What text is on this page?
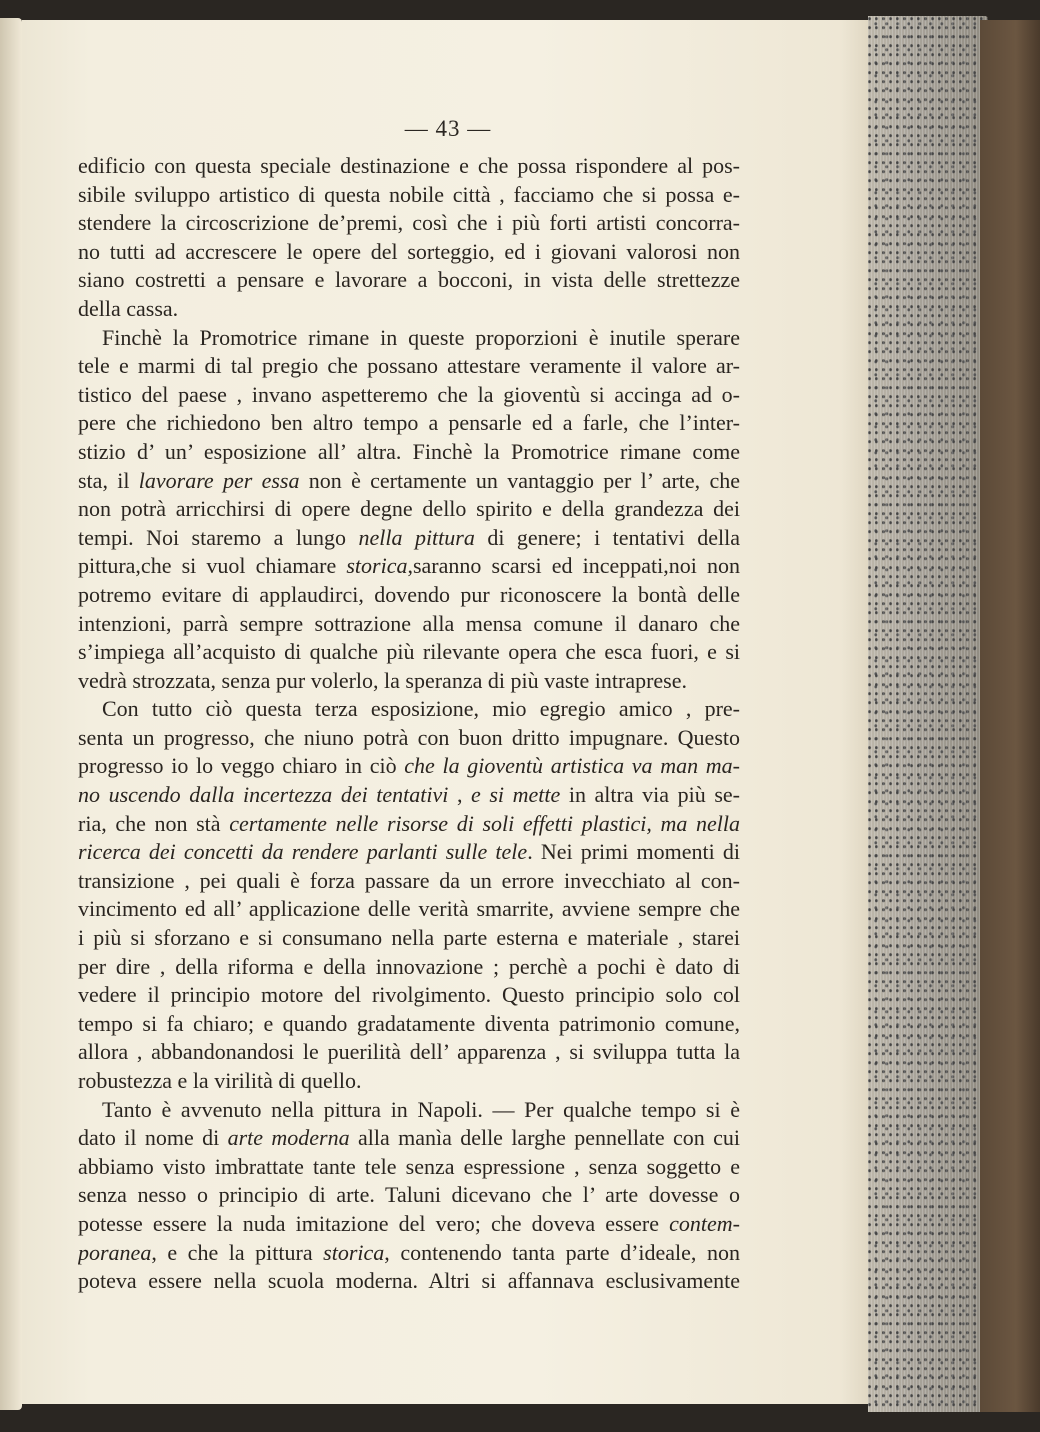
— 43 —
edificio con questa speciale destinazione e che possa rispondere al pos-
sibile sviluppo artistico di questa nobile città , facciamo che si possa e-
stendere la circoscrizione de’premi, così che i più forti artisti concorra-
no tutti ad accrescere le opere del sorteggio, ed i giovani valorosi non
siano costretti a pensare e lavorare a bocconi, in vista delle strettezze
della cassa.
Finchè la Promotrice rimane in queste proporzioni è inutile sperare
tele e marmi di tal pregio che possano attestare veramente il valore ar-
tistico del paese , invano aspetteremo che la gioventù si accinga ad o-
pere che richiedono ben altro tempo a pensarle ed a farle, che l’inter-
stizio d’ un’ esposizione all’ altra. Finchè la Promotrice rimane come
sta, il lavorare per essa non è certamente un vantaggio per l’ arte, che
non potrà arricchirsi di opere degne dello spirito e della grandezza dei
tempi. Noi staremo a lungo nella pittura di genere; i tentativi della
pittura,che si vuol chiamare storica,saranno scarsi ed inceppati,noi non
potremo evitare di applaudirci, dovendo pur riconoscere la bontà delle
intenzioni, parrà sempre sottrazione alla mensa comune il danaro che
s’impiega all’acquisto di qualche più rilevante opera che esca fuori, e si
vedrà strozzata, senza pur volerlo, la speranza di più vaste intraprese.
Con tutto ciò questa terza esposizione, mio egregio amico , pre-
senta un progresso, che niuno potrà con buon dritto impugnare. Questo
progresso io lo veggo chiaro in ciò che la gioventù artistica va man ma-
no uscendo dalla incertezza dei tentativi , e si mette in altra via più se-
ria, che non stà certamente nelle risorse di soli effetti plastici, ma nella
ricerca dei concetti da rendere parlanti sulle tele. Nei primi momenti di
transizione , pei quali è forza passare da un errore invecchiato al con-
vincimento ed all’ applicazione delle verità smarrite, avviene sempre che
i più si sforzano e si consumano nella parte esterna e materiale , starei
per dire , della riforma e della innovazione ; perchè a pochi è dato di
vedere il principio motore del rivolgimento. Questo principio solo col
tempo si fa chiaro; e quando gradatamente diventa patrimonio comune,
allora , abbandonandosi le puerilità dell’ apparenza , si sviluppa tutta la
robustezza e la virilità di quello.
Tanto è avvenuto nella pittura in Napoli. — Per qualche tempo si è
dato il nome di arte moderna alla manìa delle larghe pennellate con cui
abbiamo visto imbrattate tante tele senza espressione , senza soggetto e
senza nesso o principio di arte. Taluni dicevano che l’ arte dovesse o
potesse essere la nuda imitazione del vero; che doveva essere contem-
poranea, e che la pittura storica, contenendo tanta parte d’ideale, non
poteva essere nella scuola moderna. Altri si affannava esclusivamente
